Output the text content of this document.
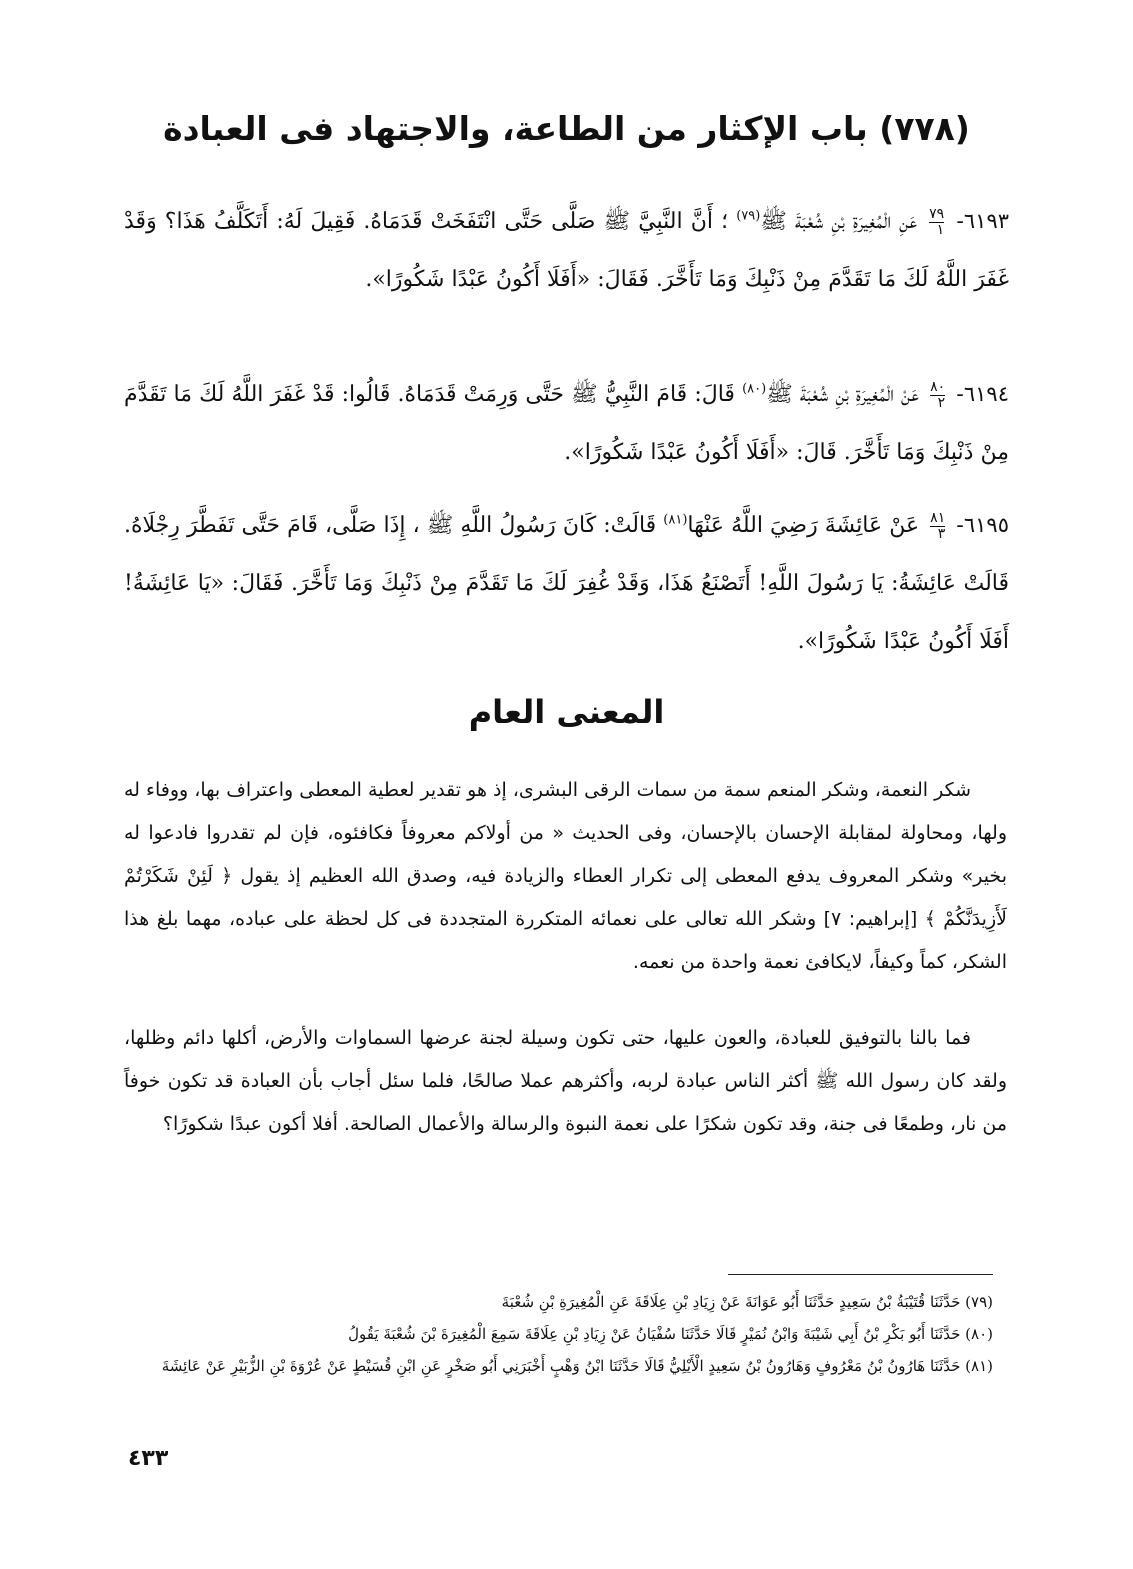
(٧٧٨) باب الإكثار من الطاعة، والاجتهاد فى العبادة

٦١٩٣-
٧٩
١
عَنِ الْمُغِيرَةِ بْنِ شُعْبَةَ ﷺ$^{(٧٩)}$ ؛ أَنَّ النَّبِيَّ ﷺ صَلَّى حَتَّى انْتَفَخَتْ قَدَمَاهُ. فَقِيلَ لَهُ: أَتَكَلَّفُ هَذَا؟ وَقَدْ غَفَرَ اللَّهُ لَكَ مَا تَقَدَّمَ مِنْ ذَنْبِكَ وَمَا تَأَخَّرَ. فَقَالَ: «أَفَلَا أَكُونُ عَبْدًا شَكُورًا».

٦١٩٤-
٨٠
٢
عَنْ الْمُغِيرَةِ بْنِ شُعْبَةَ ﷺ$^{(٨٠)}$ قَالَ: قَامَ النَّبِيُّ ﷺ حَتَّى وَرِمَتْ قَدَمَاهُ. قَالُوا: قَدْ غَفَرَ اللَّهُ لَكَ مَا تَقَدَّمَ مِنْ ذَنْبِكَ وَمَا تَأَخَّرَ. قَالَ: «أَفَلَا أَكُونُ عَبْدًا شَكُورًا».

٦١٩٥-
٨١
٣
عَنْ عَائِشَةَ رَضِيَ اللَّهُ عَنْهَا$^{(٨١)}$ قَالَتْ: كَانَ رَسُولُ اللَّهِ ﷺ ، إِذَا صَلَّى، قَامَ حَتَّى تَفَطَّرَ رِجْلَاهُ. قَالَتْ عَائِشَةُ: يَا رَسُولَ اللَّهِ! أَتَصْنَعُ هَذَا، وَقَدْ غُفِرَ لَكَ مَا تَقَدَّمَ مِنْ ذَنْبِكَ وَمَا تَأَخَّرَ. فَقَالَ: «يَا عَائِشَةُ! أَفَلَا أَكُونُ عَبْدًا شَكُورًا».

المعنى العام

شكر النعمة، وشكر المنعم سمة من سمات الرقى البشرى، إذ هو تقدير لعطية المعطى واعتراف بها، ووفاء له ولها، ومحاولة لمقابلة الإحسان بالإحسان، وفى الحديث « من أولاكم معروفاً فكافئوه، فإن لم تقدروا فادعوا له بخير» وشكر المعروف يدفع المعطى إلى تكرار العطاء والزيادة فيه، وصدق الله العظيم إذ يقول ﴿ لَئِنْ شَكَرْتُمْ لَأَزِيدَنَّكُمْ ﴾ [إبراهيم: ٧] وشكر الله تعالى على نعمائه المتكررة المتجددة فى كل لحظة على عباده، مهما بلغ هذا الشكر، كماً وكيفاً، لايكافئ نعمة واحدة من نعمه.

فما بالنا بالتوفيق للعبادة، والعون عليها، حتى تكون وسيلة لجنة عرضها السماوات والأرض، أكلها دائم وظلها، ولقد كان رسول الله ﷺ أكثر الناس عبادة لربه، وأكثرهم عملا صالحًا، فلما سئل أجاب بأن العبادة قد تكون خوفاً من نار، وطمعًا فى جنة، وقد تكون شكرًا على نعمة النبوة والرسالة والأعمال الصالحة. أفلا أكون عبدًا شكورًا؟

(٧٩) حَدَّثَنَا قُتَيْبَةُ بْنُ سَعِيدٍ حَدَّثَنَا أَبُو عَوَانَةَ عَنْ زِيَادِ بْنِ عِلَاقَةَ عَنِ الْمُغِيرَةِ بْنِ شُعْبَةَ

(٨٠) حَدَّثَنَا أَبُو بَكْرِ بْنُ أَبِي شَيْبَةَ وَابْنُ نُمَيْرٍ قَالَا حَدَّثَنَا سُفْيَانُ عَنْ زِيَادِ بْنِ عِلَاقَةَ سَمِعَ الْمُغِيرَةَ بْنَ شُعْبَةَ يَقُولُ

(٨١) حَدَّثَنَا هَارُونُ بْنُ مَعْرُوفٍ وَهَارُونُ بْنُ سَعِيدٍ الْأَيْلِيُّ قَالَا حَدَّثَنَا ابْنُ وَهْبٍ أَخْبَرَنِي أَبُو صَخْرٍ عَنِ ابْنِ قُسَيْطٍ عَنْ عُرْوَةَ بْنِ الزُّبَيْرِ عَنْ عَائِشَةَ

٤٣٣
